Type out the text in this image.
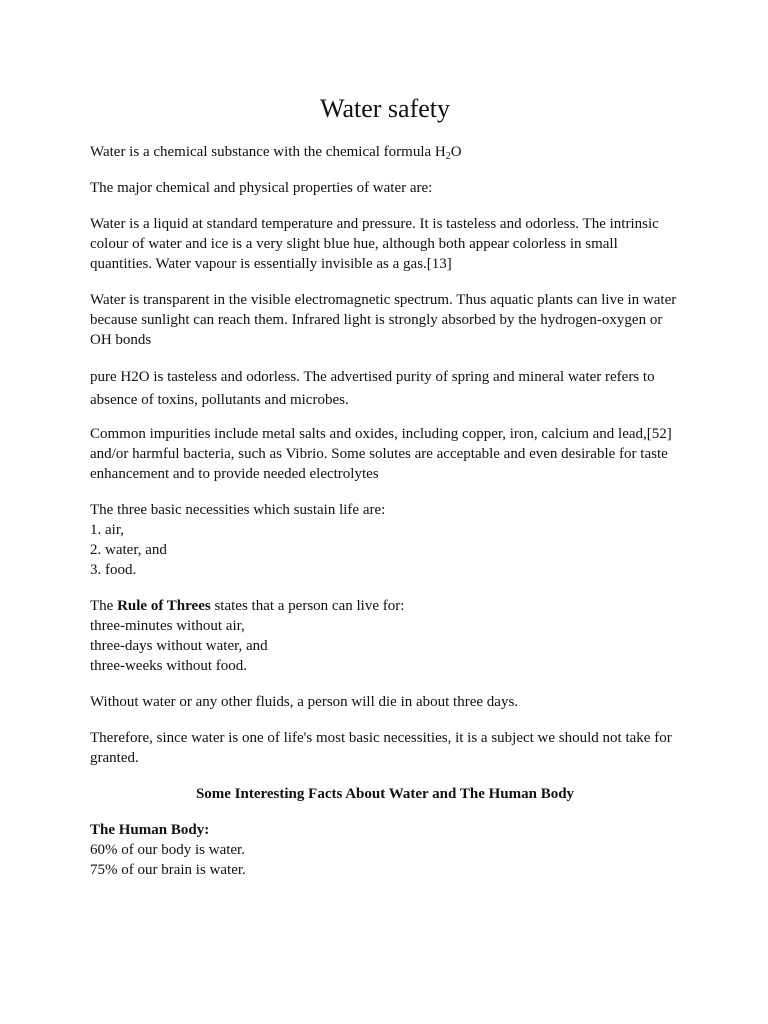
Water safety

Water is a chemical substance with the chemical formula $H_2O$

The major chemical and physical properties of water are:

Water is a liquid at standard temperature and pressure. It is tasteless and odorless. The intrinsic colour of water and ice is a very slight blue hue, although both appear colorless in small quantities. Water vapour is essentially invisible as a gas.[13]

Water is transparent in the visible electromagnetic spectrum. Thus aquatic plants can live in water because sunlight can reach them. Infrared light is strongly absorbed by the hydrogen-oxygen or OH bonds

pure H2O is tasteless and odorless. The advertised purity of spring and mineral water refers to absence of toxins, pollutants and microbes.

Common impurities include metal salts and oxides, including copper, iron, calcium and lead,[52] and/or harmful bacteria, such as Vibrio. Some solutes are acceptable and even desirable for taste enhancement and to provide needed electrolytes

The three basic necessities which sustain life are:
1. air,
2. water, and
3. food.

The Rule of Threes states that a person can live for:
three-minutes without air,
three-days without water, and
three-weeks without food.

Without water or any other fluids, a person will die in about three days.

Therefore, since water is one of life's most basic necessities, it is a subject we should not take for granted.

Some Interesting Facts About Water and The Human Body

The Human Body:
60% of our body is water.
75% of our brain is water.
